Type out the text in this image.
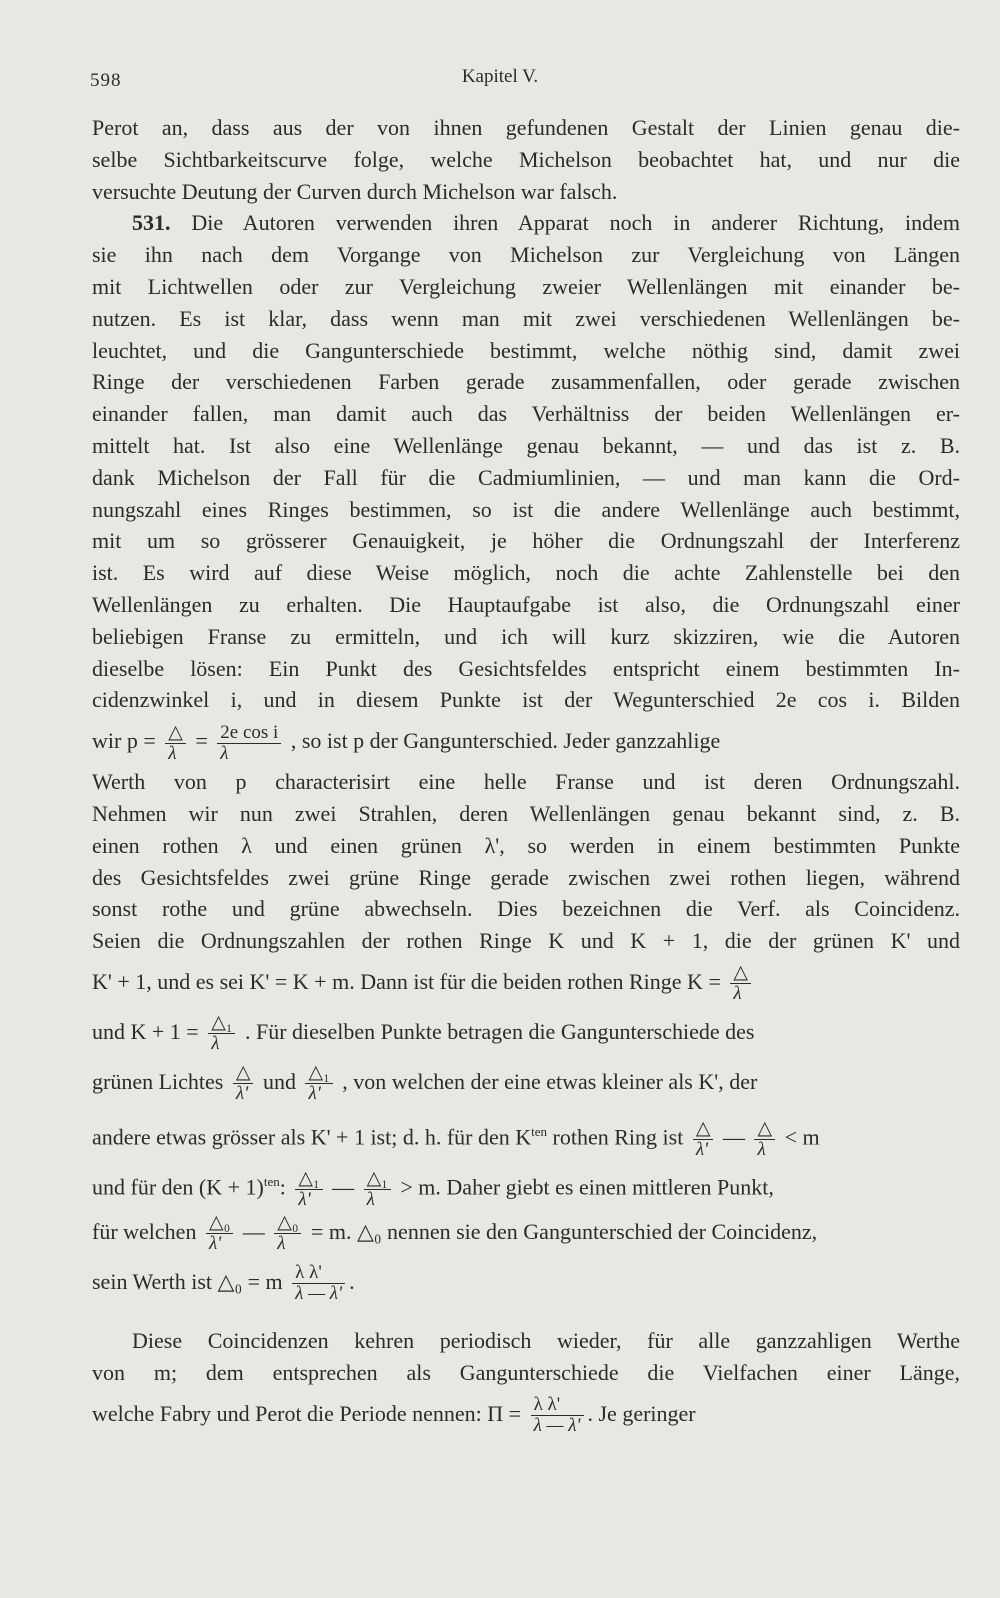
598	Kapitel V.
Perot an, dass aus der von ihnen gefundenen Gestalt der Linien genau die-
selbe Sichtbarkeitscurve folge, welche Michelson beobachtet hat, und nur die
versuchte Deutung der Curven durch Michelson war falsch.
531. Die Autoren verwenden ihren Apparat noch in anderer Richtung, indem
sie ihn nach dem Vorgange von Michelson zur Vergleichung von Längen
mit Lichtwellen oder zur Vergleichung zweier Wellenlängen mit einander be-
nutzen. Es ist klar, dass wenn man mit zwei verschiedenen Wellenlängen be-
leuchtet, und die Gangunterschiede bestimmt, welche nöthig sind, damit zwei
Ringe der verschiedenen Farben gerade zusammenfallen, oder gerade zwischen
einander fallen, man damit auch das Verhältniss der beiden Wellenlängen er-
mittelt hat. Ist also eine Wellenlänge genau bekannt, — und das ist z. B.
dank Michelson der Fall für die Cadmiumlinien, — und man kann die Ord-
nungszahl eines Ringes bestimmen, so ist die andere Wellenlänge auch bestimmt,
mit um so grösserer Genauigkeit, je höher die Ordnungszahl der Interferenz
ist. Es wird auf diese Weise möglich, noch die achte Zahlenstelle bei den
Wellenlängen zu erhalten. Die Hauptaufgabe ist also, die Ordnungszahl einer
beliebigen Franse zu ermitteln, und ich will kurz skizziren, wie die Autoren
dieselbe lösen: Ein Punkt des Gesichtsfeldes entspricht einem bestimmten In-
cidenzwinkel i, und in diesem Punkte ist der Wegunterschied 2e cos i. Bilden
wir $p = \frac{\triangle}{\lambda} = \frac{\text{2e cos i}}{\lambda}$ , so ist p der Gangunterschied. Jeder ganzzahlige
Werth von p characterisirt eine helle Franse und ist deren Ordnungszahl.
Nehmen wir nun zwei Strahlen, deren Wellenlängen genau bekannt sind, z. B.
einen rothen λ und einen grünen λ', so werden in einem bestimmten Punkte
des Gesichtsfeldes zwei grüne Ringe gerade zwischen zwei rothen liegen, während
sonst rothe und grüne abwechseln. Dies bezeichnen die Verf. als Coincidenz.
Seien die Ordnungszahlen der rothen Ringe K und K + 1, die der grünen K' und
K' + 1, und es sei K' = K + m. Dann ist für die beiden rothen Ringe $K = \frac{\triangle}{\lambda}$
und $K + 1 = \frac{\text{△₁}}{\lambda}$ . Für dieselben Punkte betragen die Gangunterschiede des
grünen Lichtes $\frac{\triangle}{\lambda'}$ und $\frac{\text{△₁}}{\lambda'}$ , von welchen der eine etwas kleiner als K', der
andere etwas grösser als K' + 1 ist; d. h. für den $K^{ten}$ rothen Ring ist $\frac{\triangle}{\lambda'}$ — $\frac{\triangle}{\lambda} < m$
und für den $(K + 1)^{ten}$: $\frac{\text{△₁}}{\lambda'}$ — $\frac{\text{△₁}}{\lambda} > m$. Daher giebt es einen mittleren Punkt,
für welchen $\frac{\text{△₀}}{\lambda'}$ — $\frac{\text{△₀}}{\lambda} = m$. △₀ nennen sie den Gangunterschied der Coincidenz,
sein Werth ist △₀ = m $\frac{\text{λ λ'}}{\lambda — \lambda'}$ .
Diese Coincidenzen kehren periodisch wieder, für alle ganzzahligen Werthe
von m; dem entsprechen als Gangunterschiede die Vielfachen einer Länge,
welche Fabry und Perot die Periode nennen: $\Pi = \frac{\text{λ λ'}}{\lambda — \lambda'}$ . Je geringer
